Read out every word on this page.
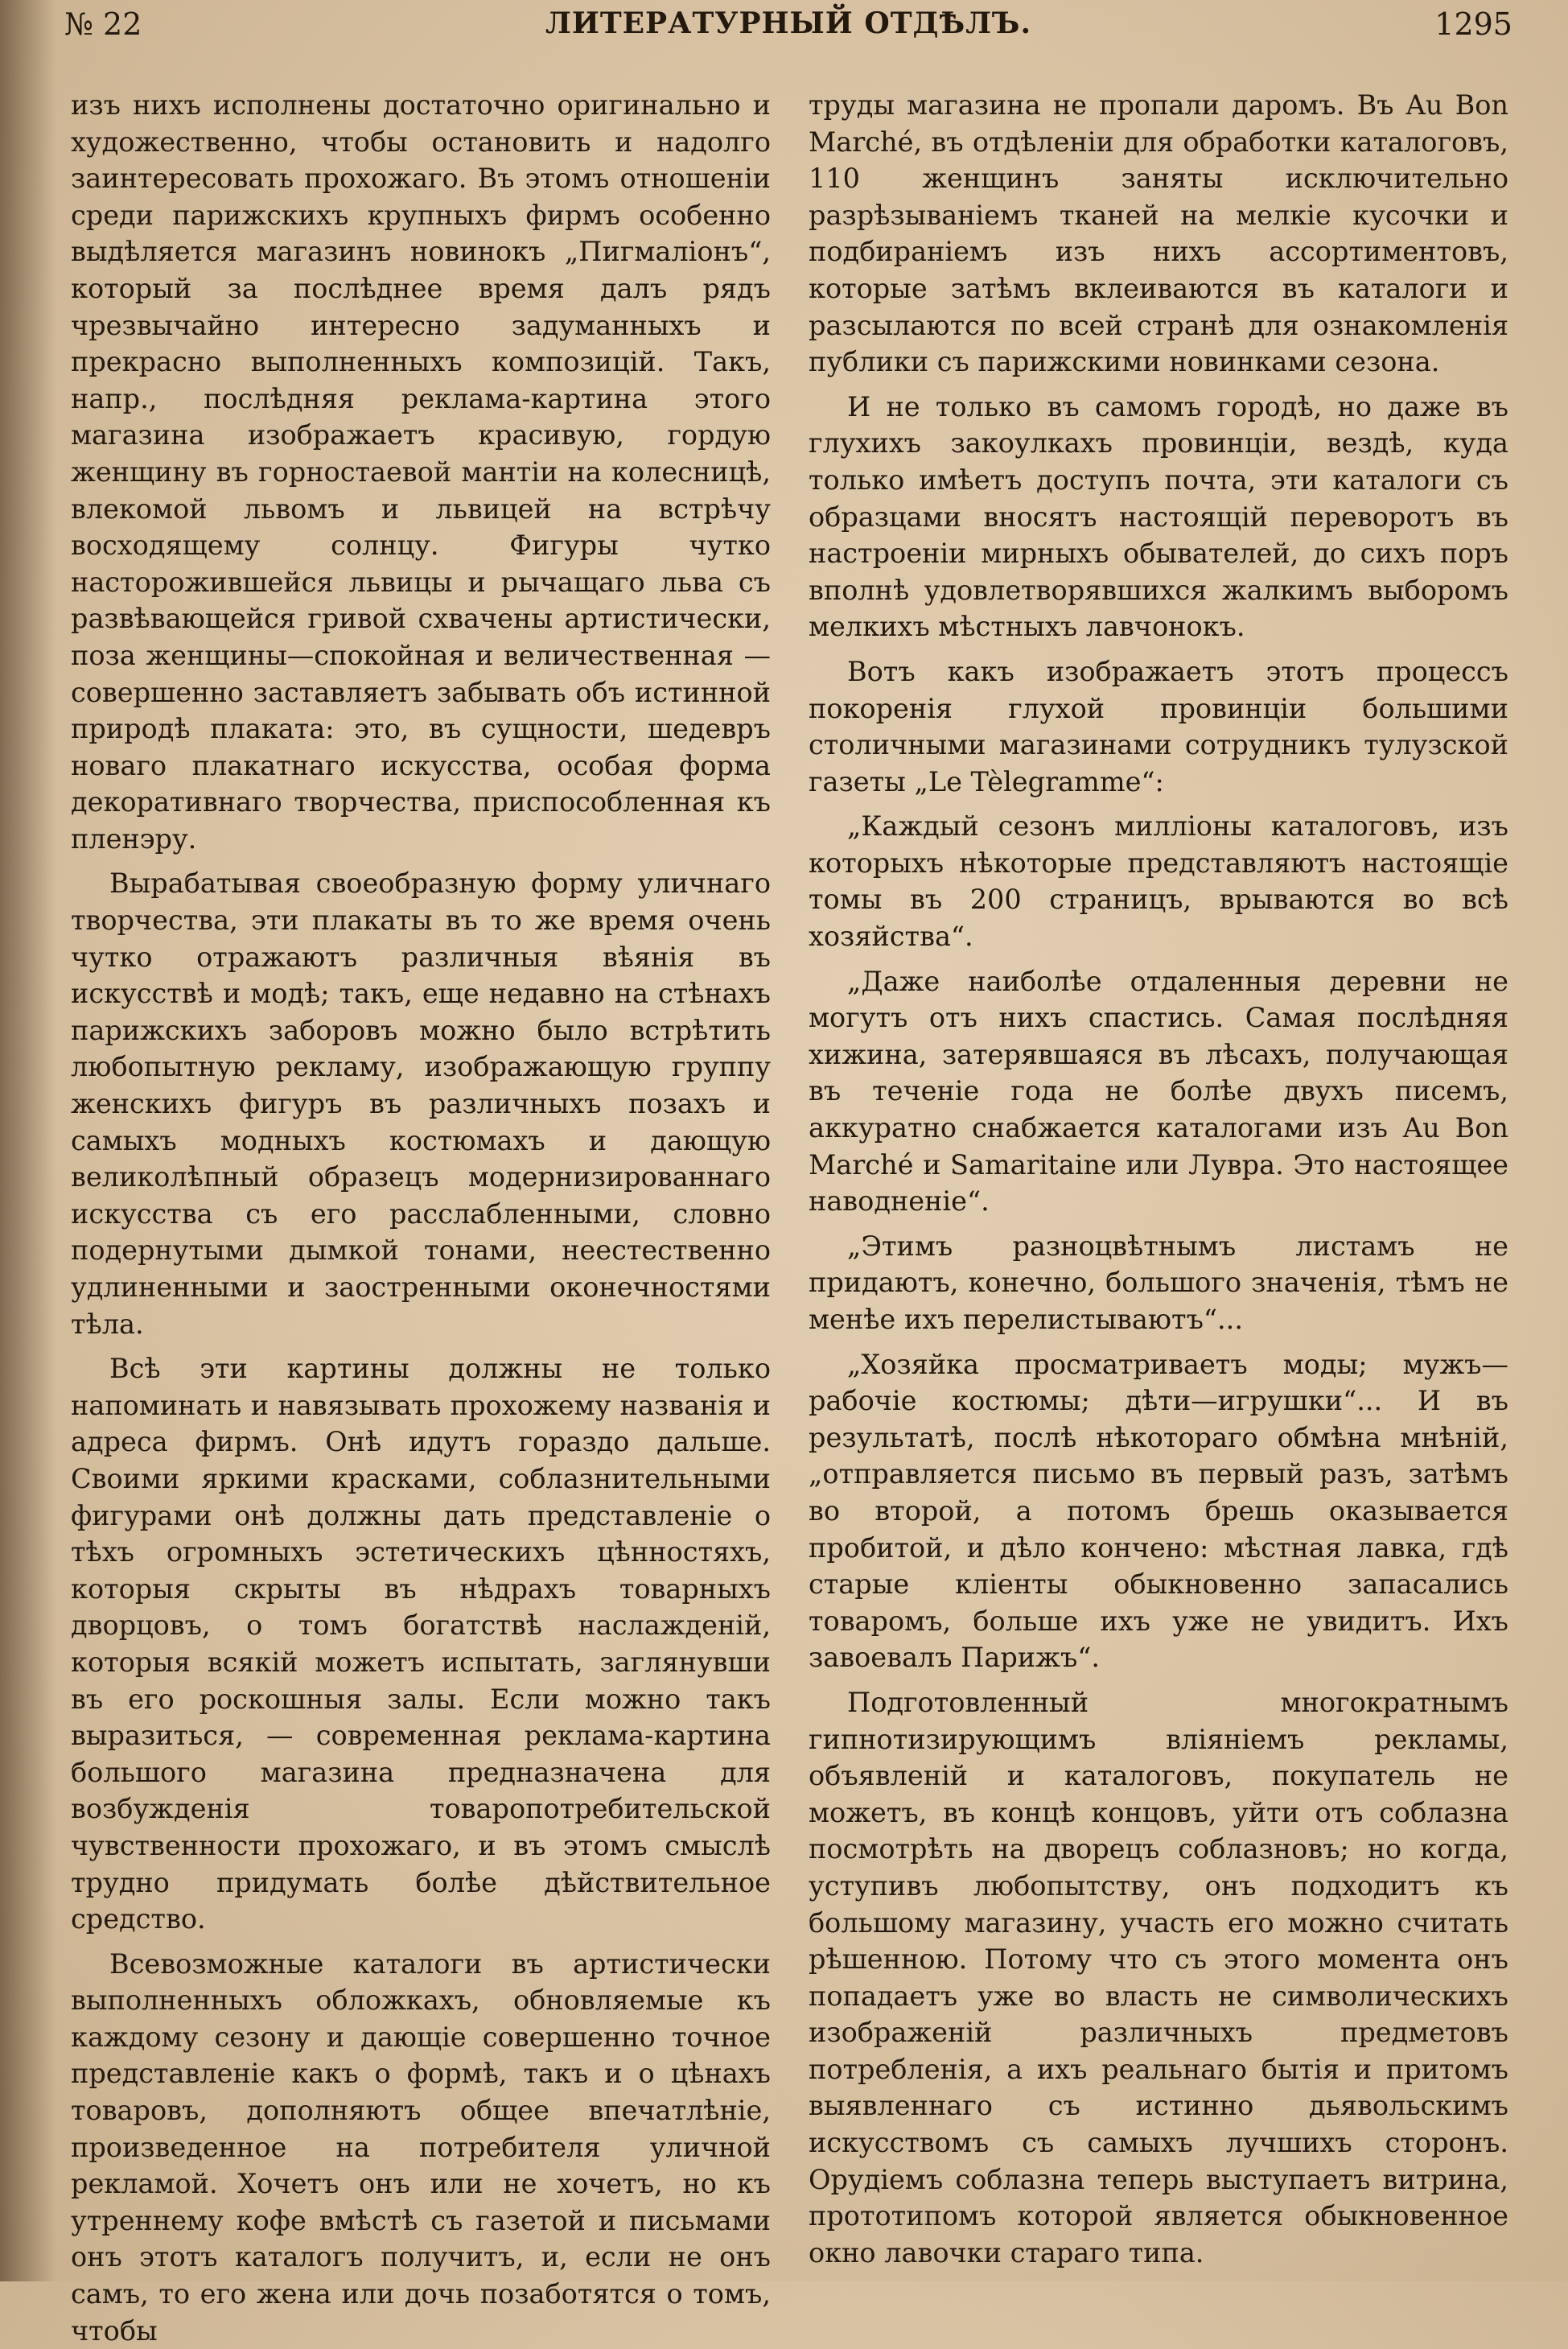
№ 22	ЛИТЕРАТУРНЫЙ ОТДѢЛЪ.	1295

изъ нихъ исполнены достаточно оригинально и художественно, чтобы остановить и надолго заинтересовать прохожаго. Въ этомъ отношеніи среди парижскихъ крупныхъ фирмъ особенно выдѣляется магазинъ новинокъ „Пигмаліонъ“, который за послѣднее время далъ рядъ чрезвычайно интересно задуманныхъ и прекрасно выполненныхъ композицій. Такъ, напр., послѣдняя реклама-картина этого магазина изображаетъ красивую, гордую женщину въ горностаевой мантіи на колесницѣ, влекомой львомъ и львицей на встрѣчу восходящему солнцу. Фигуры чутко насторожившейся львицы и рычащаго льва съ развѣвающейся гривой схвачены артистически, поза женщины—спокойная и величественная — совершенно заставляетъ забывать объ истинной природѣ плаката: это, въ сущности, шедевръ новаго плакатнаго искусства, особая форма декоративнаго творчества, приспособленная къ пленэру.

Вырабатывая своеобразную форму уличнаго творчества, эти плакаты въ то же время очень чутко отражаютъ различныя вѣянія въ искусствѣ и модѣ; такъ, еще недавно на стѣнахъ парижскихъ заборовъ можно было встрѣтить любопытную рекламу, изображающую группу женскихъ фигуръ въ различныхъ позахъ и самыхъ модныхъ костюмахъ и дающую великолѣпный образецъ модернизированнаго искусства съ его расслабленными, словно подернутыми дымкой тонами, неестественно удлиненными и заостренными оконечностями тѣла.

Всѣ эти картины должны не только напоминать и навязывать прохожему названія и адреса фирмъ. Онѣ идутъ гораздо дальше. Своими яркими красками, соблазнительными фигурами онѣ должны дать представленіе о тѣхъ огромныхъ эстетическихъ цѣнностяхъ, которыя скрыты въ нѣдрахъ товарныхъ дворцовъ, о томъ богатствѣ наслажденій, которыя всякій можетъ испытать, заглянувши въ его роскошныя залы. Если можно такъ выразиться, — современная реклама-картина большого магазина предназначена для возбужденія товаропотребительской чувственности прохожаго, и въ этомъ смыслѣ трудно придумать болѣе дѣйствительное средство.

Всевозможные каталоги въ артистически выполненныхъ обложкахъ, обновляемые къ каждому сезону и дающіе совершенно точное представленіе какъ о формѣ, такъ и о цѣнахъ товаровъ, дополняютъ общее впечатлѣніе, произведенное на потребителя уличной рекламой. Хочетъ онъ или не хочетъ, но къ утреннему кофе вмѣстѣ съ газетой и письмами онъ этотъ каталогъ получитъ, и, если не онъ самъ, то его жена или дочь позаботятся о томъ, чтобы

труды магазина не пропали даромъ. Въ Au Bon Marché, въ отдѣленіи для обработки каталоговъ, 110 женщинъ заняты исключительно разрѣзываніемъ тканей на мелкіе кусочки и подбираніемъ изъ нихъ ассортиментовъ, которые затѣмъ вклеиваются въ каталоги и разсылаются по всей странѣ для ознакомленія публики съ парижскими новинками сезона.

И не только въ самомъ городѣ, но даже въ глухихъ закоулкахъ провинціи, вездѣ, куда только имѣетъ доступъ почта, эти каталоги съ образцами вносятъ настоящій переворотъ въ настроеніи мирныхъ обывателей, до сихъ поръ вполнѣ удовлетворявшихся жалкимъ выборомъ мелкихъ мѣстныхъ лавчонокъ.

Вотъ какъ изображаетъ этотъ процессъ покоренія глухой провинціи большими столичными магазинами сотрудникъ тулузской газеты „Le Tèlegramme“:

„Каждый сезонъ милліоны каталоговъ, изъ которыхъ нѣкоторые представляютъ настоящіе томы въ 200 страницъ, врываются во всѣ хозяйства“.

„Даже наиболѣе отдаленныя деревни не могутъ отъ нихъ спастись. Самая послѣдняя хижина, затерявшаяся въ лѣсахъ, получающая въ теченіе года не болѣе двухъ писемъ, аккуратно снабжается каталогами изъ Au Bon Marché и Samaritaine или Лувра. Это настоящее наводненіе“.

„Этимъ разноцвѣтнымъ листамъ не придаютъ, конечно, большого значенія, тѣмъ не менѣе ихъ перелистываютъ“...

„Хозяйка просматриваетъ моды; мужъ—рабочіе костюмы; дѣти—игрушки“... И въ результатѣ, послѣ нѣкотораго обмѣна мнѣній, „отправляется письмо въ первый разъ, затѣмъ во второй, а потомъ брешь оказывается пробитой, и дѣло кончено: мѣстная лавка, гдѣ старые кліенты обыкновенно запасались товаромъ, больше ихъ уже не увидитъ. Ихъ завоевалъ Парижъ“.

Подготовленный многократнымъ гипнотизирующимъ вліяніемъ рекламы, объявленій и каталоговъ, покупатель не можетъ, въ концѣ концовъ, уйти отъ соблазна посмотрѣть на дворецъ соблазновъ; но когда, уступивъ любопытству, онъ подходитъ къ большому магазину, участь его можно считать рѣшенною. Потому что съ этого момента онъ попадаетъ уже во власть не символическихъ изображеній различныхъ предметовъ потребленія, а ихъ реальнаго бытія и притомъ выявленнаго съ истинно дьявольскимъ искусствомъ съ самыхъ лучшихъ сторонъ. Орудіемъ соблазна теперь выступаетъ витрина, прототипомъ которой является обыкновенное окно лавочки стараго типа.
